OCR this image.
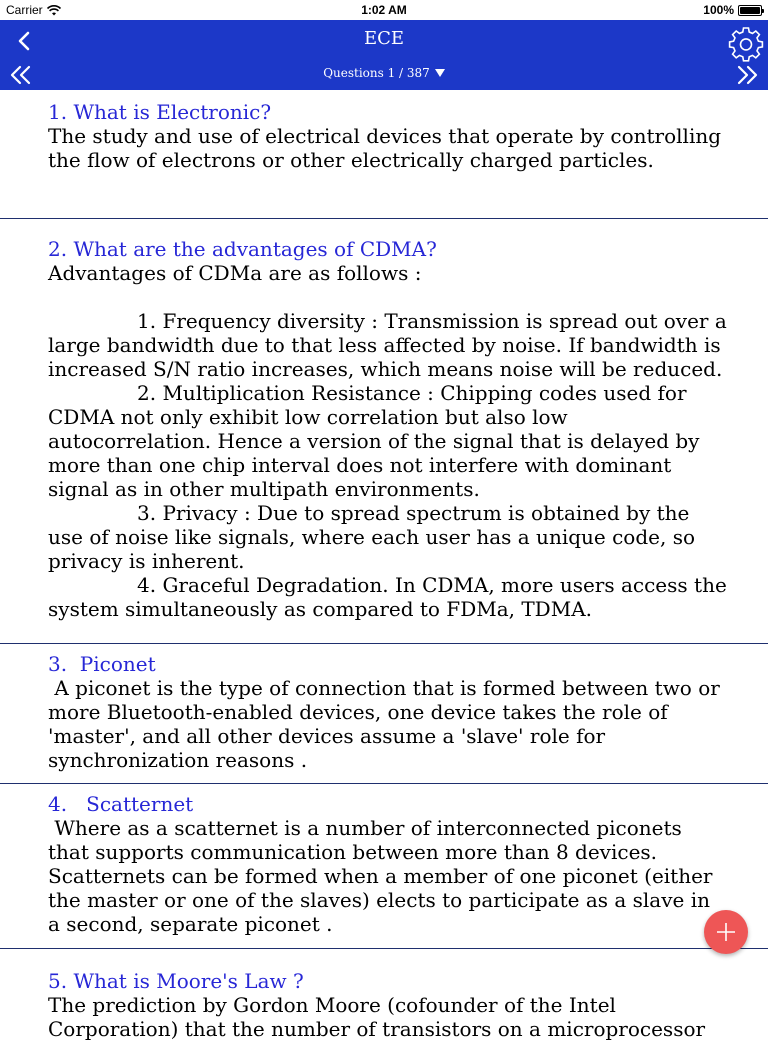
Carrier	1:02 AM	100%
ECE
Questions 1 / 387
1. What is Electronic?
The study and use of electrical devices that operate by controlling the flow of electrons or other electrically charged particles.
2. What are the advantages of CDMA?
Advantages of CDMa are as follows :

1. Frequency diversity : Transmission is spread out over a large bandwidth due to that less affected by noise. If bandwidth is increased S/N ratio increases, which means noise will be reduced.
2. Multiplication Resistance : Chipping codes used for CDMA not only exhibit low correlation but also low autocorrelation. Hence a version of the signal that is delayed by more than one chip interval does not interfere with dominant signal as in other multipath environments.
3. Privacy : Due to spread spectrum is obtained by the use of noise like signals, where each user has a unique code, so privacy is inherent.
4. Graceful Degradation. In CDMA, more users access the system simultaneously as compared to FDMa, TDMA.
3.  Piconet
A piconet is the type of connection that is formed between two or more Bluetooth-enabled devices, one device takes the role of 'master', and all other devices assume a 'slave' role for synchronization reasons .
4.   Scatternet
Where as a scatternet is a number of interconnected piconets that supports communication between more than 8 devices. Scatternets can be formed when a member of one piconet (either the master or one of the slaves) elects to participate as a slave in a second, separate piconet .
5. What is Moore's Law ?
The prediction by Gordon Moore (cofounder of the Intel Corporation) that the number of transistors on a microprocessor
